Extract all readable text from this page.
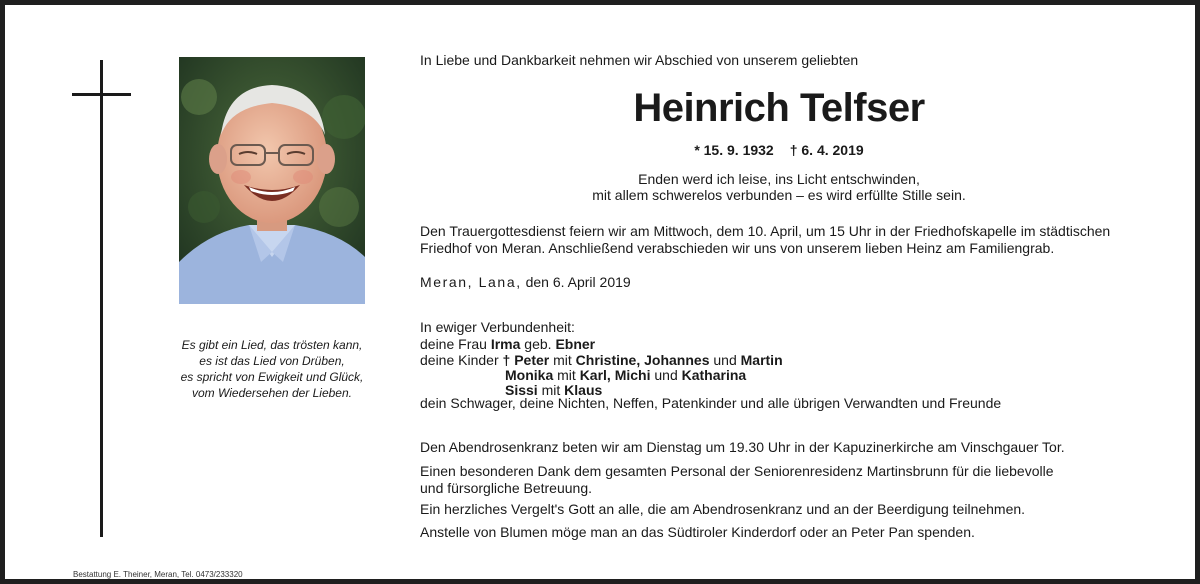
Es gibt ein Lied, das trösten kann,
es ist das Lied von Drüben,
es spricht von Ewigkeit und Glück,
vom Wiedersehen der Lieben.
Bestattung E. Theiner, Meran, Tel. 0473/233320
In Liebe und Dankbarkeit nehmen wir Abschied von unserem geliebten
Heinrich Telfser
* 15. 9. 1932 † 6. 4. 2019
Enden werd ich leise, ins Licht entschwinden,
mit allem schwerelos verbunden – es wird erfüllte Stille sein.
Den Trauergottesdienst feiern wir am Mittwoch, dem 10. April, um 15 Uhr in der Friedhofskapelle im städtischen
Friedhof von Meran. Anschließend verabschieden wir uns von unserem lieben Heinz am Familiengrab.
Meran, Lana, den 6. April 2019
In ewiger Verbundenheit:
deine Frau Irma geb. Ebner
deine Kinder † Peter mit Christine, Johannes und Martin
Monika mit Karl, Michi und Katharina
Sissi mit Klaus
dein Schwager, deine Nichten, Neffen, Patenkinder und alle übrigen Verwandten und Freunde
Den Abendrosenkranz beten wir am Dienstag um 19.30 Uhr in der Kapuzinerkirche am Vinschgauer Tor.
Einen besonderen Dank dem gesamten Personal der Seniorenresidenz Martinsbrunn für die liebevolle
und fürsorgliche Betreuung.
Ein herzliches Vergelt's Gott an alle, die am Abendrosenkranz und an der Beerdigung teilnehmen.
Anstelle von Blumen möge man an das Südtiroler Kinderdorf oder an Peter Pan spenden.
